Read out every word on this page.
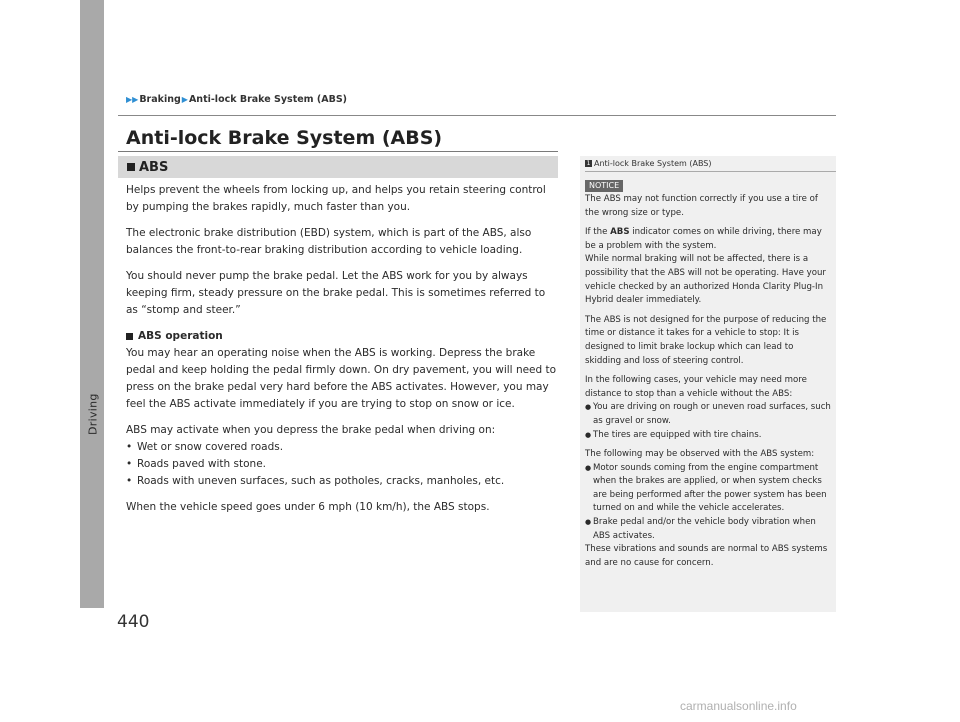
Driving
▶▶ Braking ▶ Anti-lock Brake System (ABS)
Anti-lock Brake System (ABS)
ABS

Helps prevent the wheels from locking up, and helps you retain steering control by pumping the brakes rapidly, much faster than you.

The electronic brake distribution (EBD) system, which is part of the ABS, also balances the front-to-rear braking distribution according to vehicle loading.

You should never pump the brake pedal. Let the ABS work for you by always keeping firm, steady pressure on the brake pedal. This is sometimes referred to as “stomp and steer.”

ABS operation

You may hear an operating noise when the ABS is working. Depress the brake pedal and keep holding the pedal firmly down. On dry pavement, you will need to press on the brake pedal very hard before the ABS activates. However, you may feel the ABS activate immediately if you are trying to stop on snow or ice.

ABS may activate when you depress the brake pedal when driving on:
• Wet or snow covered roads.
• Roads paved with stone.
• Roads with uneven surfaces, such as potholes, cracks, manholes, etc.

When the vehicle speed goes under 6 mph (10 km/h), the ABS stops.

1 Anti-lock Brake System (ABS)
NOTICE

The ABS may not function correctly if you use a tire of the wrong size or type.

If the ABS indicator comes on while driving, there may be a problem with the system.

While normal braking will not be affected, there is a possibility that the ABS will not be operating. Have your vehicle checked by an authorized Honda Clarity Plug-In Hybrid dealer immediately.

The ABS is not designed for the purpose of reducing the time or distance it takes for a vehicle to stop: It is designed to limit brake lockup which can lead to skidding and loss of steering control.

In the following cases, your vehicle may need more distance to stop than a vehicle without the ABS:
● You are driving on rough or uneven road surfaces, such as gravel or snow.
● The tires are equipped with tire chains.
The following may be observed with the ABS system:
● Motor sounds coming from the engine compartment when the brakes are applied, or when system checks are being performed after the power system has been turned on and while the vehicle accelerates.
● Brake pedal and/or the vehicle body vibration when ABS activates.
These vibrations and sounds are normal to ABS systems and are no cause for concern.
440
carmanualsonline.info
